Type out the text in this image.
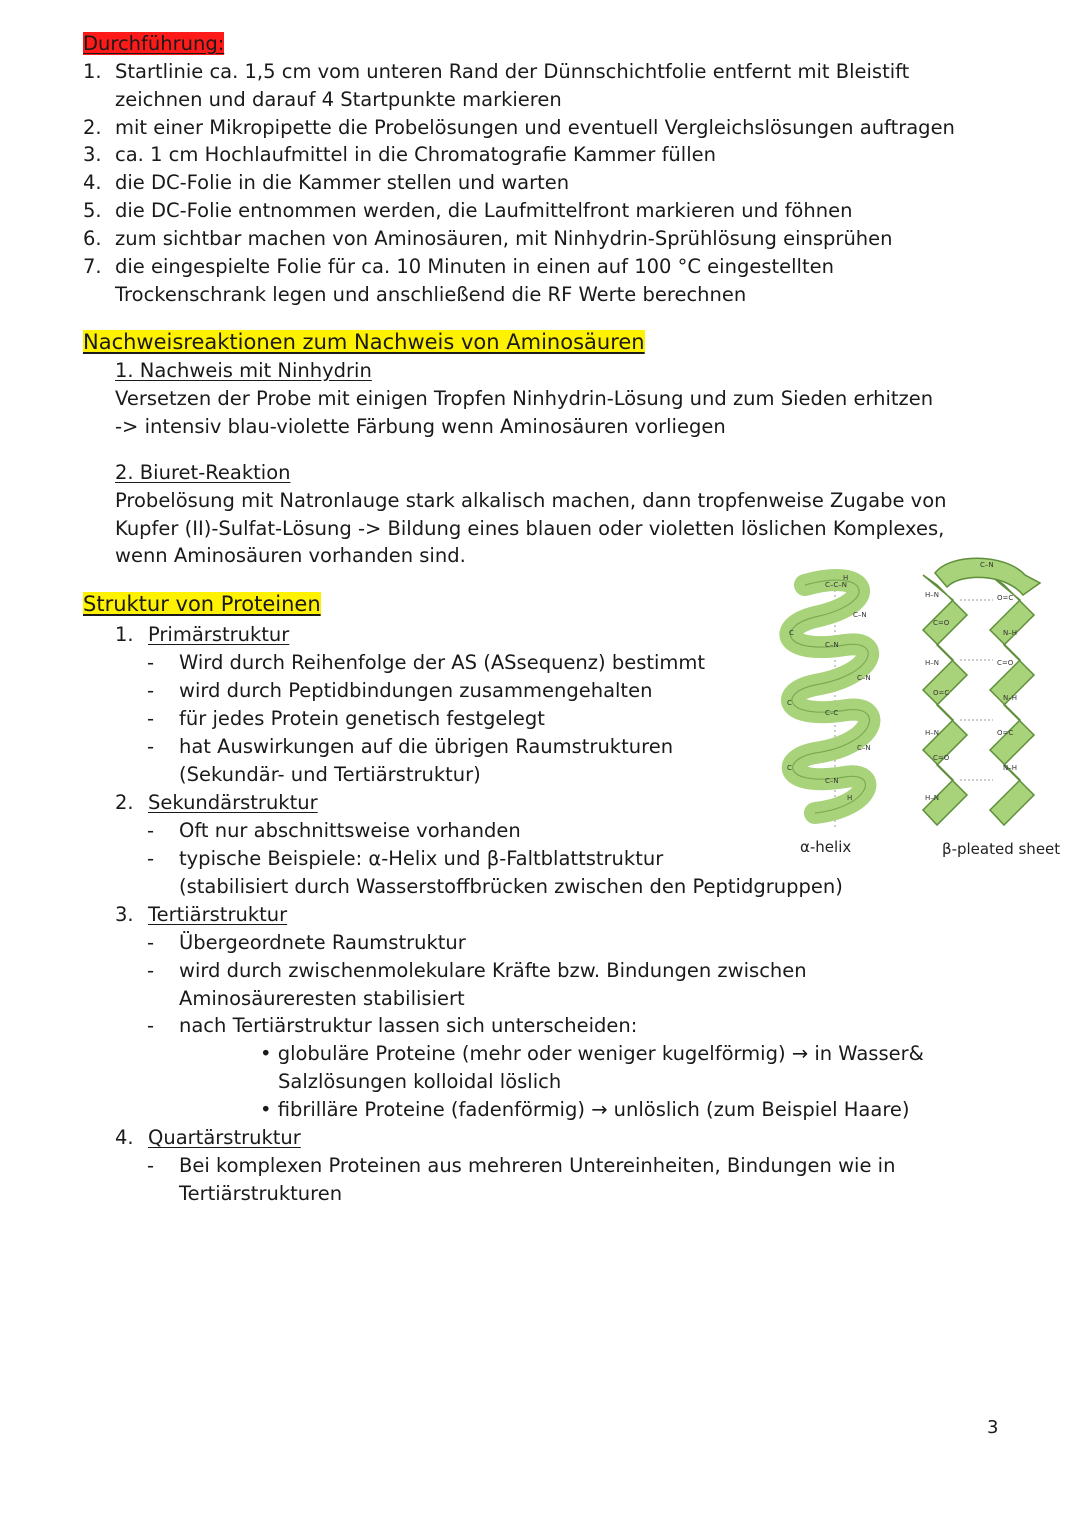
Durchführung:
1. Startlinie ca. 1,5 cm vom unteren Rand der Dünnschichtfolie entfernt mit Bleistift
zeichnen und darauf 4 Startpunkte markieren
2. mit einer Mikropipette die Probelösungen und eventuell Vergleichslösungen auftragen
3. ca. 1 cm Hochlaufmittel in die Chromatografie Kammer füllen
4. die DC-Folie in die Kammer stellen und warten
5. die DC-Folie entnommen werden, die Laufmittelfront markieren und föhnen
6. zum sichtbar machen von Aminosäuren, mit Ninhydrin-Sprühlösung einsprühen
7. die eingespielte Folie für ca. 10 Minuten in einen auf 100 °C eingestellten
Trockenschrank legen und anschließend die RF Werte berechnen
Nachweisreaktionen zum Nachweis von Aminosäuren
1. Nachweis mit Ninhydrin
Versetzen der Probe mit einigen Tropfen Ninhydrin-Lösung und zum Sieden erhitzen
-> intensiv blau-violette Färbung wenn Aminosäuren vorliegen
2. Biuret-Reaktion
Probelösung mit Natronlauge stark alkalisch machen, dann tropfenweise Zugabe von
Kupfer (II)-Sulfat-Lösung -> Bildung eines blauen oder violetten löslichen Komplexes,
wenn Aminosäuren vorhanden sind.
Struktur von Proteinen
1. Primärstruktur
- Wird durch Reihenfolge der AS (ASsequenz) bestimmt
- wird durch Peptidbindungen zusammengehalten
- für jedes Protein genetisch festgelegt
- hat Auswirkungen auf die übrigen Raumstrukturen
(Sekundär- und Tertiärstruktur)
2. Sekundärstruktur
- Oft nur abschnittsweise vorhanden
- typische Beispiele: α-Helix und β-Faltblattstruktur
(stabilisiert durch Wasserstoffbrücken zwischen den Peptidgruppen)
3. Tertiärstruktur
- Übergeordnete Raumstruktur
- wird durch zwischenmolekulare Kräfte bzw. Bindungen zwischen
Aminosäureresten stabilisiert
- nach Tertiärstruktur lassen sich unterscheiden:
• globuläre Proteine (mehr oder weniger kugelförmig) → in Wasser&
Salzlösungen kolloidal löslich
• fibrilläre Proteine (fadenförmig) → unlöslich (zum Beispiel Haare)
4. Quartärstruktur
- Bei komplexen Proteinen aus mehreren Untereinheiten, Bindungen wie in
Tertiärstrukturen
H
C–C–N
C–N
C
C–N
C–N
C
C–C
C–N
C
C–N
H
H–N
C=O
H–N
O=C
H–N
C=O
H–N
O=C
N–H
C=O
N–H
O=C
N–H
C–N
α-helix	β-pleated sheet
3
